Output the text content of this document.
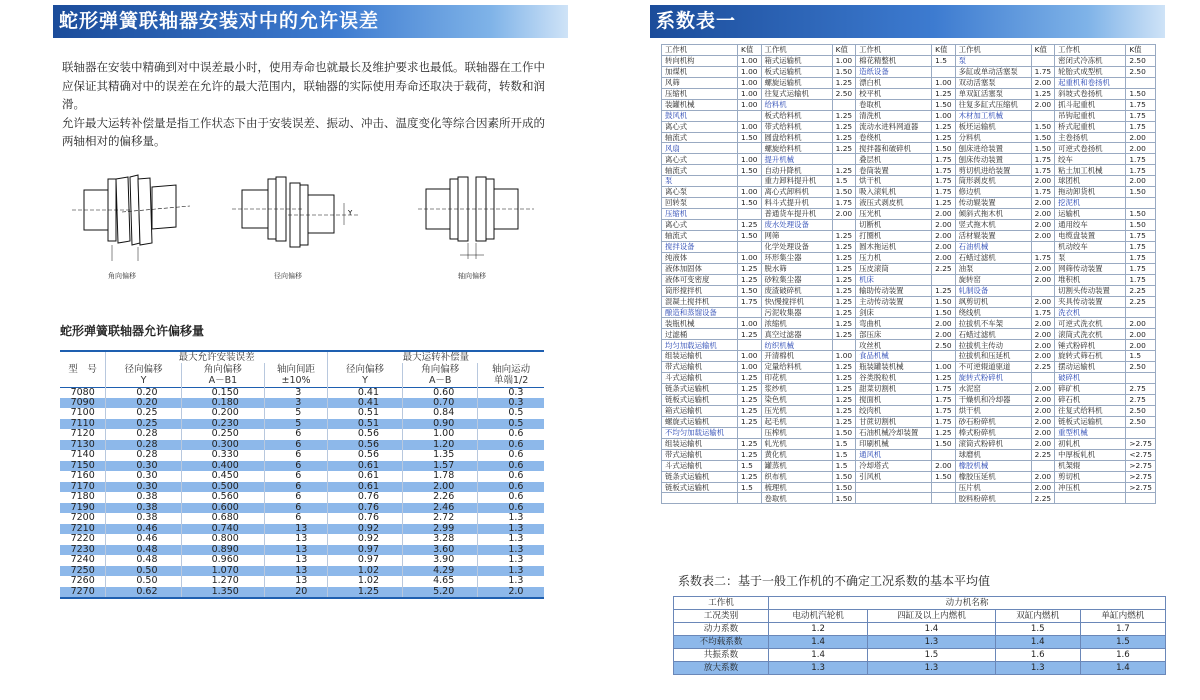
蛇形弹簧联轴器安装对中的允许误差

联轴器在安装中精确到对中误差最小时，使用寿命也就最长及维护要求也最低。联轴器在工作中应保证其精确对中的误差在允许的最大范围内，联轴器的实际使用寿命还取决于载荷，转数和润滑。

允许最大运转补偿量是指工作状态下由于安装误差、振动、冲击、温度变化等综合因素所开成的两轴相对的偏移量。

角向偏移
Y
径向偏移	轴向偏移
蛇形弹簧联轴器允许偏移量
型　号	最大允许安装误差			最大运转补偿量		
	径向偏移	角向偏移	轴向间距	径向偏移	角向偏移	轴向运动
	Y	A－B1	±10%	Y	A－B	单端1/2
7080	0.20	0.150	3	0.41	0.60	0.3
7090	0.20	0.180	3	0.41	0.70	0.3
7100	0.25	0.200	5	0.51	0.84	0.5
7110	0.25	0.230	5	0.51	0.90	0.5
7120	0.28	0.250	6	0.56	1.00	0.6
7130	0.28	0.300	6	0.56	1.20	0.6
7140	0.28	0.330	6	0.56	1.35	0.6
7150	0.30	0.400	6	0.61	1.57	0.6
7160	0.30	0.450	6	0.61	1.78	0.6
7170	0.30	0.500	6	0.61	2.00	0.6
7180	0.38	0.560	6	0.76	2.26	0.6
7190	0.38	0.600	6	0.76	2.46	0.6
7200	0.38	0.680	6	0.76	2.72	1.3
7210	0.46	0.740	13	0.92	2.99	1.3
7220	0.46	0.800	13	0.92	3.28	1.3
7230	0.48	0.890	13	0.97	3.60	1.3
7240	0.48	0.960	13	0.97	3.90	1.3
7250	0.50	1.070	13	1.02	4.29	1.3
7260	0.50	1.270	13	1.02	4.65	1.3
7270	0.62	1.350	20	1.25	5.20	2.0
系数表一
工作机	K值	工作机	K值	工作机	K值	工作机	K值	工作机	K值
转向机构	1.00	箱式运输机	1.00	棉花精整机	1.5	泵		密闭式冷冻机	2.50
加煤机	1.00	板式运输机	1.50	造纸设备		多缸或单动活塞泵	1.75	轮胎式成型机	2.50
风筛	1.00	螺旋运输机	1.25	漂白机	1.00	双动活塞泵	2.00	起重机和卷扬机	
压缩机	1.00	往复式运输机	2.50	校平机	1.25	单双缸活塞泵	1.25	斜坡式卷扬机	1.50
装罐机械	1.00	给料机		卷取机	1.50	往复多缸式压缩机	2.00	抓斗起重机	1.75
鼓风机		板式给料机	1.25	清洗机	1.00	木材加工机械		吊钩起重机	1.75
离心式	1.00	带式给料机	1.25	流动水进料网道器	1.25	板坯运输机	1.50	桥式起重机	1.75
轴流式	1.50	圆盘给料机	1.25	卷绕机	1.25	分料机	1.50	主卷扬机	2.00
风扇		螺旋给料机	1.25	搅拌器和破碎机	1.50	刨床进给装置	1.50	可逆式卷扬机	2.00
离心式	1.00	提升机械		叠层机	1.75	刨床传动装置	1.75	绞车	1.75
轴流式	1.50	自动升降机	1.25	卷筒装置	1.75	剪切机进给装置	1.75	粘土加工机械	1.75
泵		重力卸料提升机	1.5	烘干机	1.75	筒形剥皮机	2.00	球团机	2.00
离心泵	1.00	离心式卸料机	1.50	吸入滚轧机	1.75	修边机	1.75	拖动卸货机	1.50
回转泵	1.50	料斗式提升机	1.75	液压式剥皮机	1.25	传动辊装置	2.00	挖泥机	
压缩机		普通货车提升机	2.00	压光机	2.00	倾斜式拖木机	2.00	运输机	1.50
离心式	1.25	废水处理设备		切断机	2.00	竖式拖木机	2.00	通用绞车	1.50
轴流式	1.50	网筛	1.25	打圈机	2.00	活材辊装置	2.00	电缆盘装置	1.75
搅拌设备		化学处理设备	1.25	圆木拖运机	2.00	石油机械		机动绞车	1.75
纯液体	1.00	环形集尘器	1.25	压力机	2.00	石蜡过滤机	1.75	泵	1.75
液体加固体	1.25	脱水筛	1.25	压皮滚筒	2.25	油泵	2.00	网筛传动装置	1.75
液体可变密度	1.25	砂粒集尘器	1.25	机床		旋转窑	2.00	堆积机	1.75
筒形搅拌机	1.50	废渣破碎机	1.25	输助传动装置	1.25	轧制设备		切割头传动装置	2.25
混凝土搅拌机	1.75	快\慢搅拌机	1.25	主动传动装置	1.50	飒剪切机	2.00	夹具传动装置	2.25
酿造和蒸馏设备		污泥收集器	1.25	剑床	1.50	绕线机	1.75	洗衣机	
装瓶机械	1.00	浓缩机	1.25	弯曲机	2.00	拉拔机不车架	2.00	可逆式洗衣机	2.00
过滤桶	1.25	真空过滤器	1.25	部压床	2.00	石蜡过滤机	2.00	滚筒式洗衣机	2.00
均匀加载运输机		纺织机械		攻丝机	2.50	拉拔机主传动	2.00	锤式粉碎机	2.00
组装运输机	1.00	开清棉机	1.00	食品机械		拉拔机和压延机	2.00	旋转式筛石机	1.5
带式运输机	1.00	定量给料机	1.25	瓶装罐装机械	1.00	不可逆辊道驱道	2.25	摆动运输机	2.50
斗式运输机	1.25	印花机	1.25	谷类脱粒机	1.25	旋转式粉碎机		破碎机	
链条式运输机	1.25	浆纱机	1.25	甜菜切割机	1.75	水泥窑	2.00	碎矿机	2.75
链板式运输机	1.25	染色机	1.25	搅面机	1.75	干燥机和冷却器	2.00	碎石机	2.75
箱式运输机	1.25	压光机	1.25	绞肉机	1.75	烘干机	2.00	往复式给料机	2.50
螺旋式运输机	1.25	起毛机	1.25	甘蔗切割机	1.75	砂石粉碎机	2.00	链板式运输机	2.50
不均匀加载运输机		压榨机	1.50	石油机械冷却装置	1.25	棒式粉碎机	2.00	重型机械	
组装运输机	1.25	轧光机	1.5	印刷机械	1.50	滚筒式粉碎机	2.00	初轧机	>2.75
带式运输机	1.25	黄化机	1.5	通风机		球磨机	2.25	中厚板轧机	<2.75
斗式运输机	1.5	罐蒸机	1.5	冷却塔式	2.00	橡胶机械		机架辊	>2.75
链条式运输机	1.25	织布机	1.50	引风机	1.50	橡胶压延机	2.00	剪切机	>2.75
链板式运输机	1.5	梳理机	1.50			压片机	2.00	冲压机	>2.75
		卷取机	1.50			胶料粉碎机	2.25		
系数表二：基于一般工作机的不确定工况系数的基本平均值
工作机	动力机名称			
工况类别	电动机汽轮机	四缸及以上内燃机	双缸内燃机	单缸内燃机
动力系数	1.2	1.4	1.5	1.7
不均载系数	1.4	1.3	1.4	1.5
共振系数	1.4	1.5	1.6	1.6
放大系数	1.3	1.3	1.3	1.4
